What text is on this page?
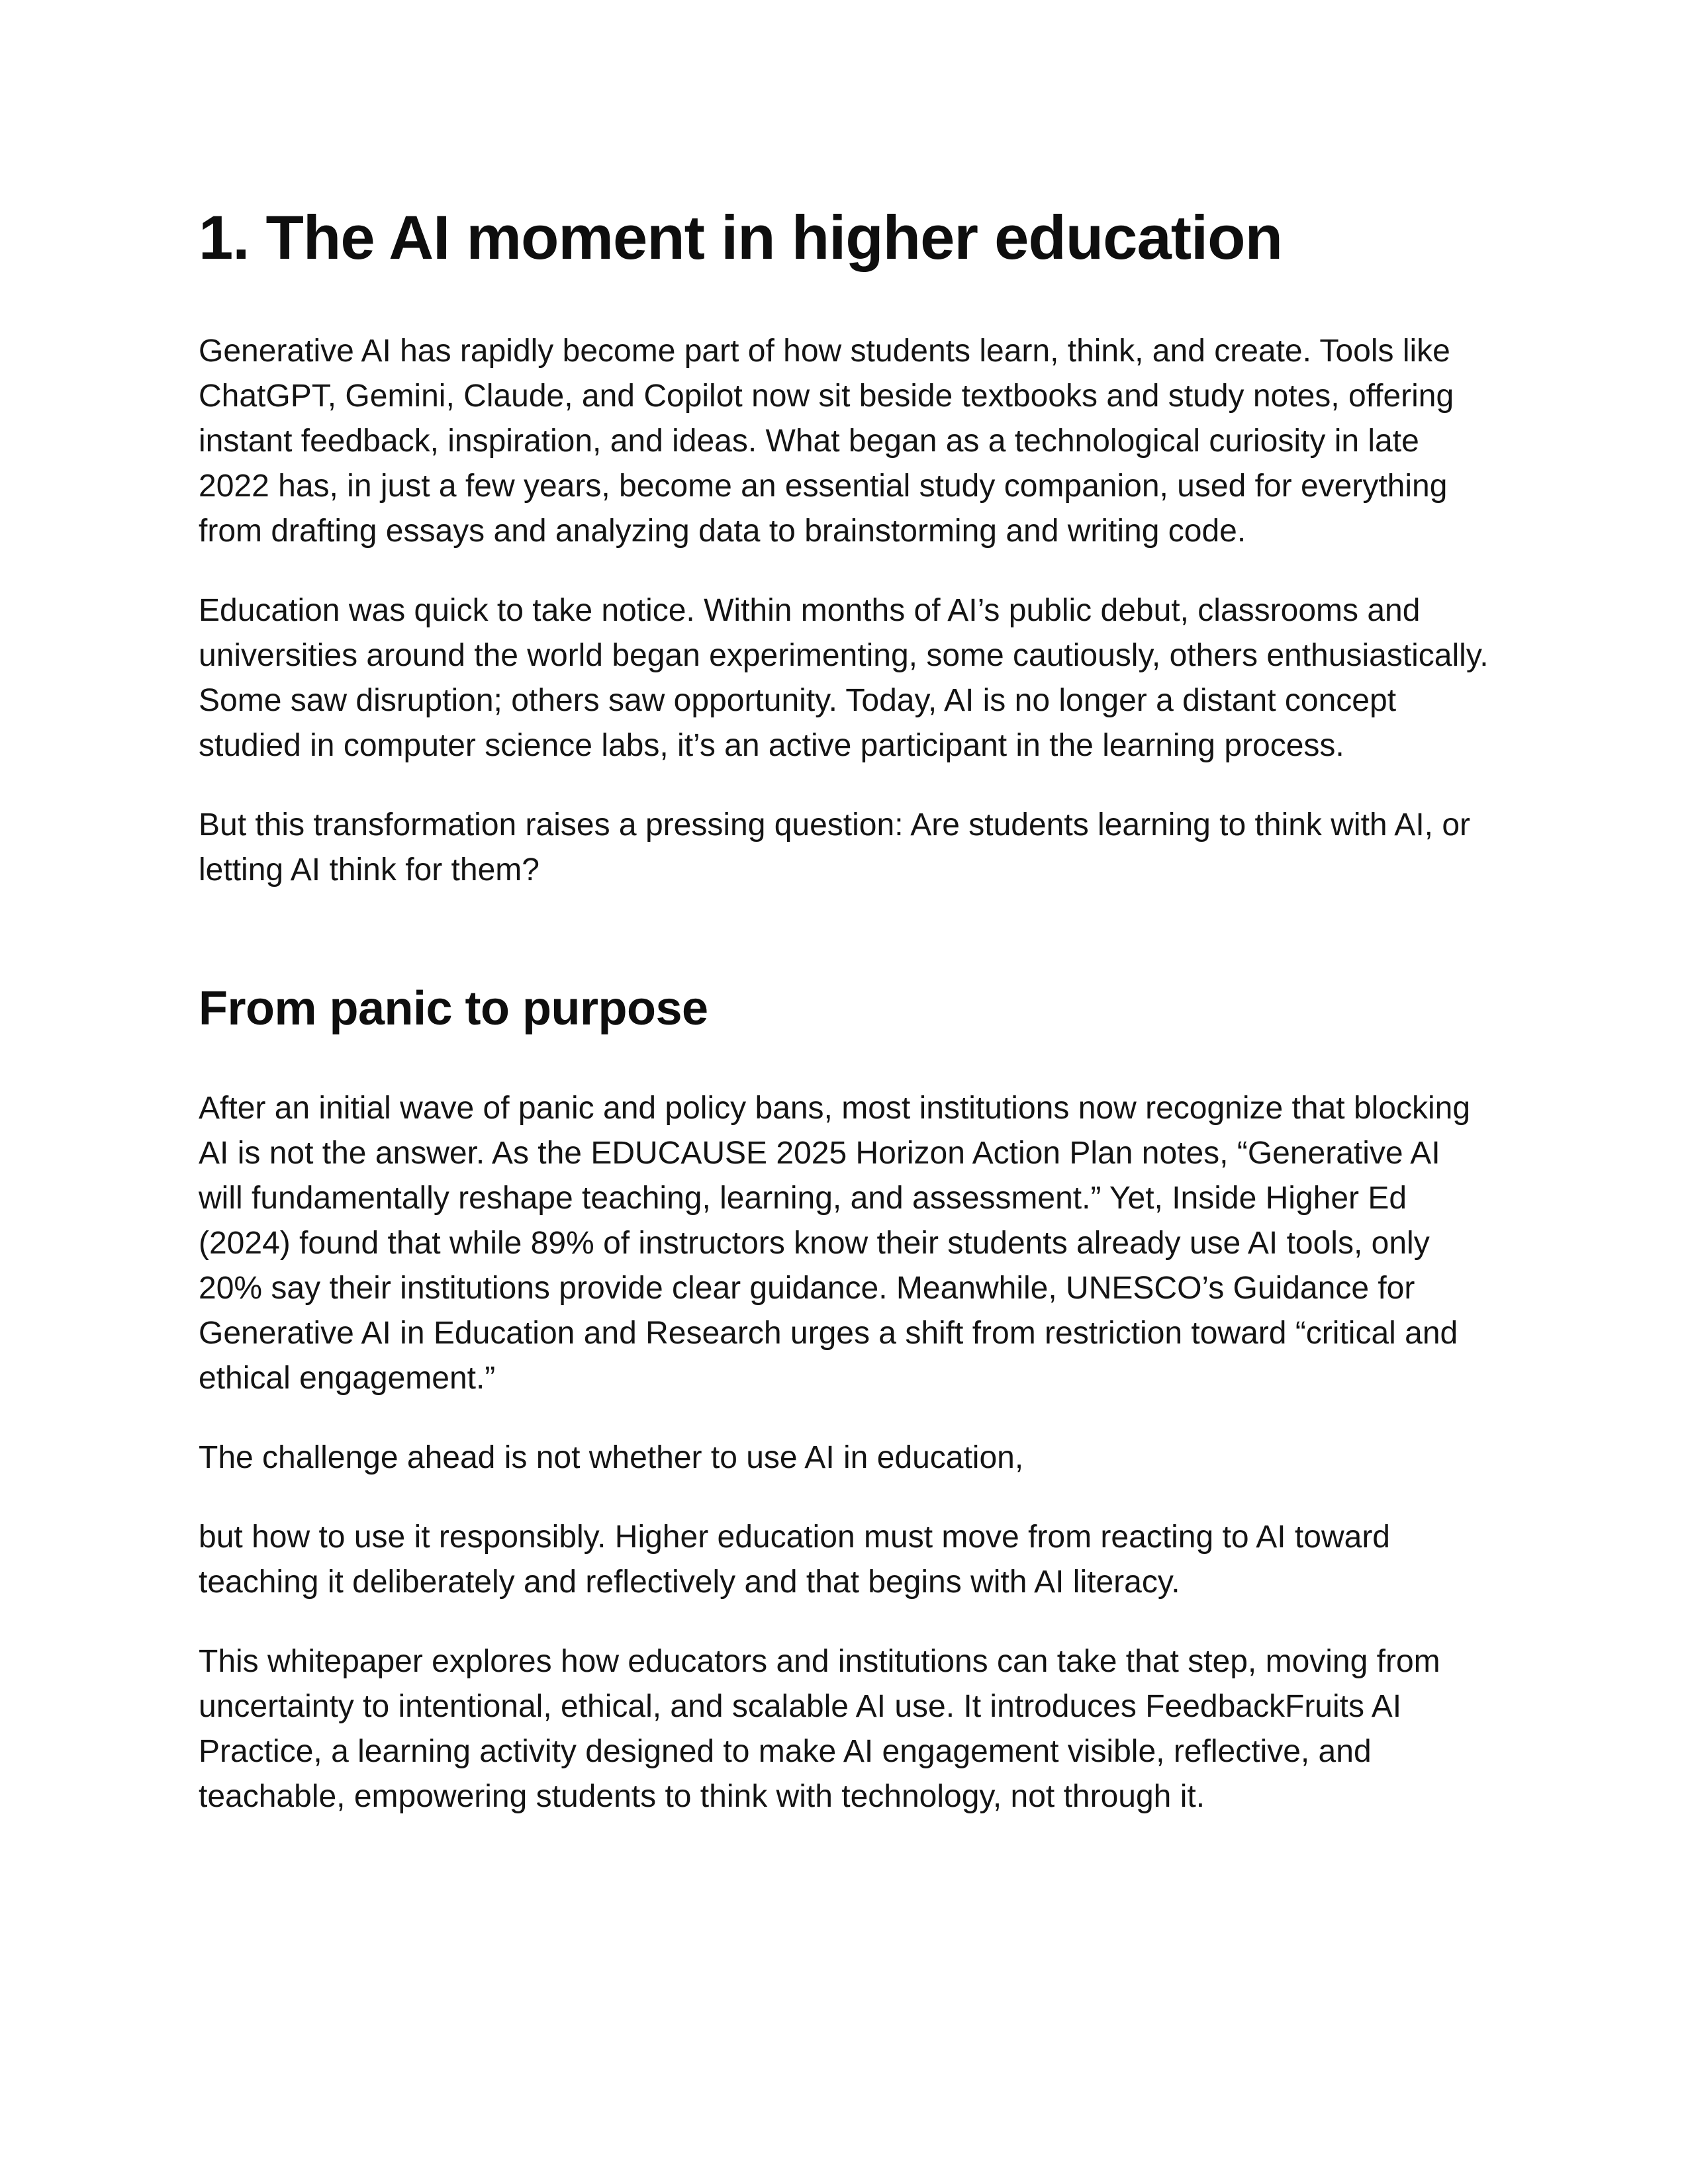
1. The AI moment in higher education

Generative AI has rapidly become part of how students learn, think, and create. Tools like ChatGPT, Gemini, Claude, and Copilot now sit beside textbooks and study notes, offering instant feedback, inspiration, and ideas. What began as a technological curiosity in late 2022 has, in just a few years, become an essential study companion, used for everything from drafting essays and analyzing data to brainstorming and writing code.

Education was quick to take notice. Within months of AI’s public debut, classrooms and universities around the world began experimenting, some cautiously, others enthusiastically. Some saw disruption; others saw opportunity. Today, AI is no longer a distant concept studied in computer science labs, it’s an active participant in the learning process.

But this transformation raises a pressing question: Are students learning to think with AI, or letting AI think for them?

From panic to purpose

After an initial wave of panic and policy bans, most institutions now recognize that blocking AI is not the answer. As the EDUCAUSE 2025 Horizon Action Plan notes, “Generative AI will fundamentally reshape teaching, learning, and assessment.” Yet, Inside Higher Ed (2024) found that while 89% of instructors know their students already use AI tools, only 20% say their institutions provide clear guidance. Meanwhile, UNESCO’s Guidance for Generative AI in Education and Research urges a shift from restriction toward “critical and ethical engagement.”

The challenge ahead is not whether to use AI in education,

but how to use it responsibly. Higher education must move from reacting to AI toward teaching it deliberately and reflectively and that begins with AI literacy.

This whitepaper explores how educators and institutions can take that step, moving from uncertainty to intentional, ethical, and scalable AI use. It introduces FeedbackFruits AI Practice, a learning activity designed to make AI engagement visible, reflective, and teachable, empowering students to think with technology, not through it.
